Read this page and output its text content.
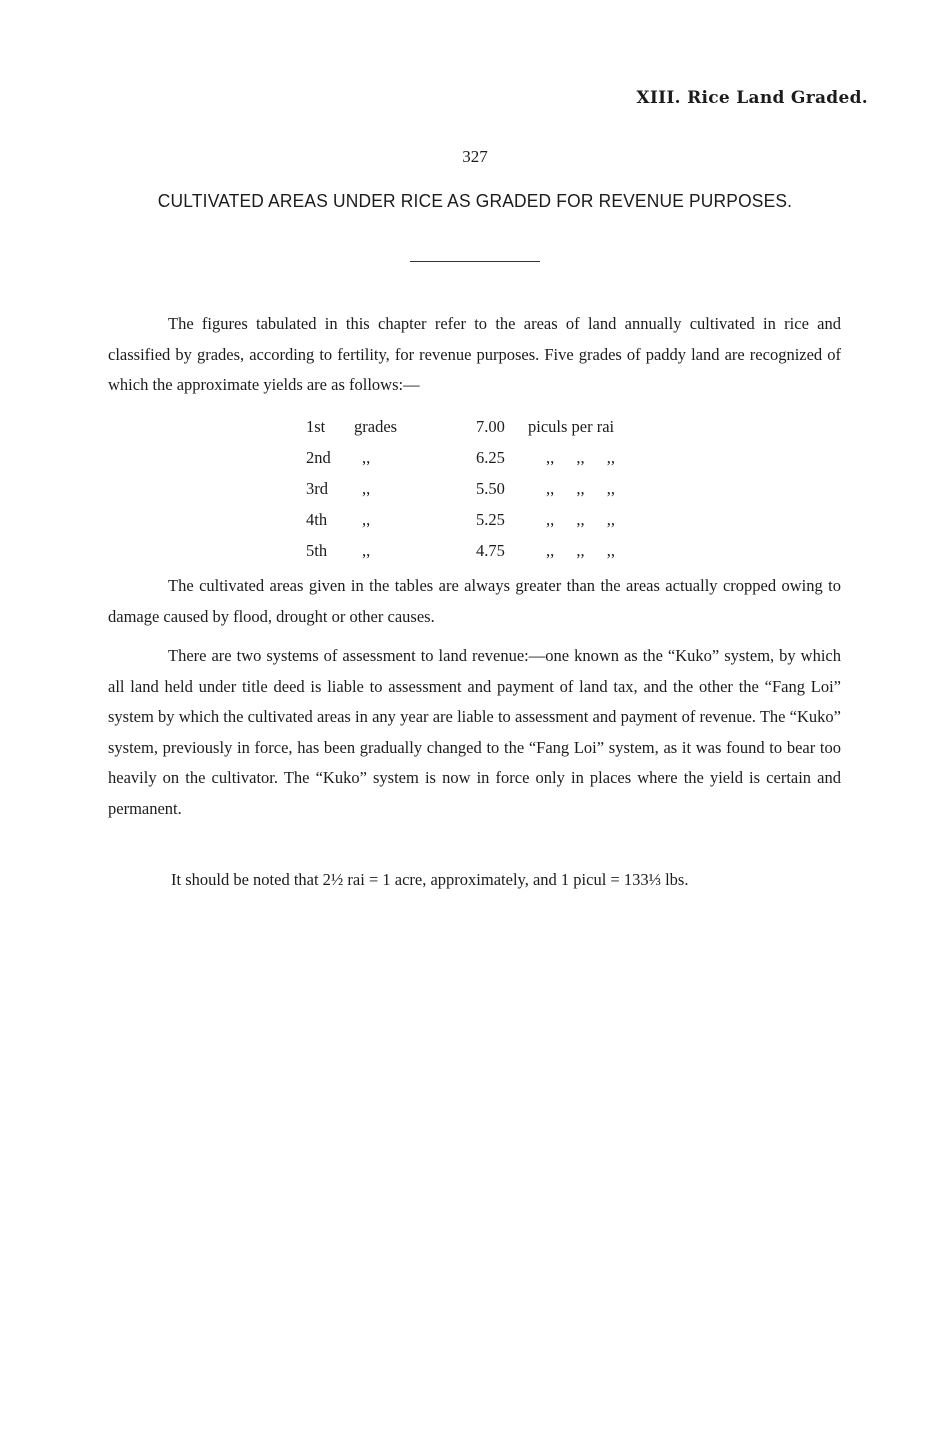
XIII. Rice Land Graded.
327
CULTIVATED AREAS UNDER RICE AS GRADED FOR REVENUE PURPOSES.

The figures tabulated in this chapter refer to the areas of land annually cultivated in rice and classified by grades, according to fertility, for revenue purposes. Five grades of paddy land are recognized of which the approximate yields are as follows:—

1st	grades	7.00	piculs per rai
2nd	,,	6.25	,, ,, ,,
3rd	,,	5.50	,, ,, ,,
4th	,,	5.25	,, ,, ,,
5th	,,	4.75	,, ,, ,,

The cultivated areas given in the tables are always greater than the areas actually cropped owing to damage caused by flood, drought or other causes.

There are two systems of assessment to land revenue:—one known as the “Kuko” system, by which all land held under title deed is liable to assessment and payment of land tax, and the other the “Fang Loi” system by which the cultivated areas in any year are liable to assessment and payment of revenue. The “Kuko” system, previously in force, has been gradually changed to the “Fang Loi” system, as it was found to bear too heavily on the cultivator. The “Kuko” system is now in force only in places where the yield is certain and permanent.

It should be noted that 2½ rai = 1 acre, approximately, and 1 picul = 133⅓ lbs.
